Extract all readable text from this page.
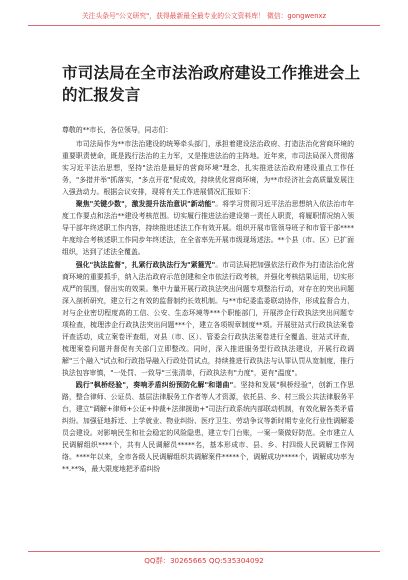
关注头条号"公文研究"，获得最新最全最专业的公文资料库！ 微信：gongwenxz
市司法局在全市法治政府建设工作推进会上的汇报发言

尊敬的**市长，各位领导，同志们：

市司法局作为**市法治建设的统筹牵头部门，承担着建设法治政府、打造法治化营商环境的重要职责使命，既是践行法治的主力军，又是推进法治的主阵地。近年来，市司法局深入贯彻落实习近平法治思想，坚持"法治是最好的营商环境"理念，扎实推进法治政府建设重点工作任务，"多措并举"抓落实，"多点开花"促成效，持续优化营商环境，为**市经济社会高质量发展注入强劲动力。根据会议安排，现将有关工作进展情况汇报如下：

聚焦"关键少数"，激发提升法治意识"新动能"。将学习贯彻习近平法治思想纳入依法治市年度工作要点和法治**建设考核范围。切实履行推进法治建设第一责任人职责，将履职情况纳入领导干部年终述职工作内容，持续推进述法工作有效开展。组织开展市管领导班子和市管干部****年度综合考核述职工作同步年终述法，在全省率先开展市级现场述法。**个县（市、区）已扩面组织，达到了述法全覆盖。

强化"执法监督"，扎紧行政执法行为"紧箍咒"。市司法局把加强依法行政作为打造法治化营商环境的重要抓手，纳入法治政府示范创建和全市依法行政考核，并强化考核结果运用，切实形成严的氛围，督出实的效果。集中力量开展行政执法突出问题专项整治行动，对存在的突出问题深入剖析研究，建立行之有效的监督制约长效机制。与**市纪委监委联动协作，形成监督合力，对与企业密切程度高的工信、公安、生态环境等***个职能部门，开展涉企行政执法突出问题专项检查，梳理涉企行政执法突出问题***个，建立各项规章制度**项。开展驻站式行政执法案卷评查活动，成立案卷评查组，对县（市、区）、管委会行政执法案卷进行全覆盖、驻站式评查，梳理案卷问题并督促有关部门立即整改。同时，深入推进服务型行政执法建设，开展行政调解"三个融入"试点和行政指导融入行政处罚试点，持续推进行政执法与认罪认罚从宽制度，推行执法包容审慎，"一处罚、一致导"三张清单，行政执法有"力度"，更有"温度"。

践行"枫桥经验"，奏响矛盾纠纷预防化解"和谐曲"。坚持和发展"枫桥经验"，创新工作思路，整合律师、公证员、基层法律服务工作者等人才资源，依托县、乡、村三级公共法律服务平台，建立"调解+律师+公证+仲裁+法律援助+"司法行政系统内部联动机制，有效化解各类矛盾纠纷。加强征地拆迁、上学就业、物业纠纷、医疗卫生、劳动争议等新时期专业化行业性调解委员会建设。对影响民生和社会稳定的风险隐患，建立专门台账，一案一策做好防范。全市建立人民调解组织****个，共有人民调解员*****名，基本形成市、县、乡、村四级人民调解工作网络。****年以来，全市各级人民调解组织共调解案件*****个，调解成功*****个，调解成功率为**.**%，最大限度地把矛盾纠纷

QQ群：30265665 QQ:535304092
